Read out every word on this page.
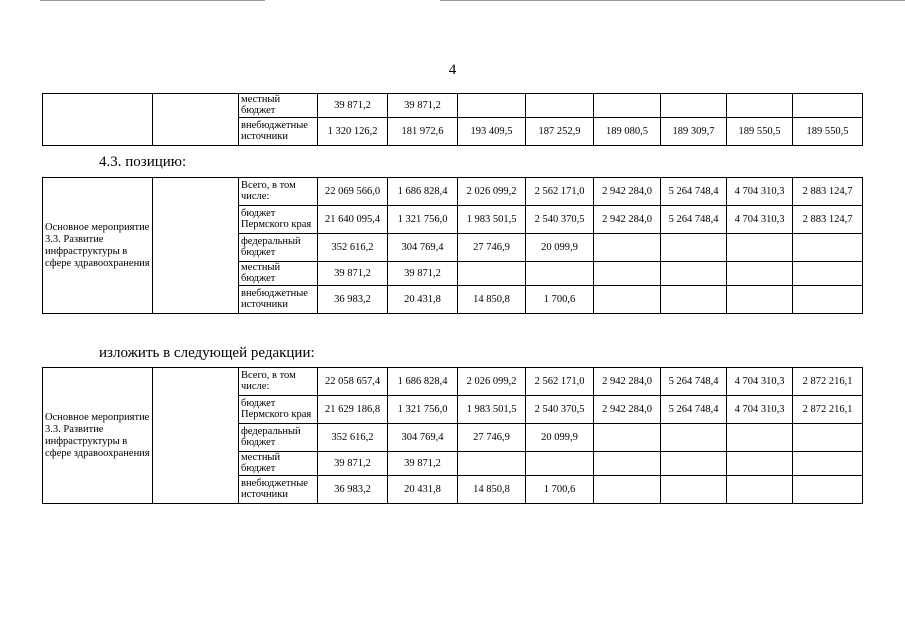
4
		местный бюджет	39 871,2	39 871,2						
		внебюджетные источники	1 320 126,2	181 972,6	193 409,5	187 252,9	189 080,5	189 309,7	189 550,5	189 550,5
4.3. позицию:
Основное мероприятие 3.3. Развитие инфраструктуры в сфере здравоохранения		Всего, в том числе:	22 069 566,0	1 686 828,4	2 026 099,2	2 562 171,0	2 942 284,0	5 264 748,4	4 704 310,3	2 883 124,7
		бюджет Пермского края	21 640 095,4	1 321 756,0	1 983 501,5	2 540 370,5	2 942 284,0	5 264 748,4	4 704 310,3	2 883 124,7
		федеральный бюджет	352 616,2	304 769,4	27 746,9	20 099,9				
		местный бюджет	39 871,2	39 871,2						
		внебюджетные источники	36 983,2	20 431,8	14 850,8	1 700,6				
изложить в следующей редакции:
Основное мероприятие 3.3. Развитие инфраструктуры в сфере здравоохранения		Всего, в том числе:	22 058 657,4	1 686 828,4	2 026 099,2	2 562 171,0	2 942 284,0	5 264 748,4	4 704 310,3	2 872 216,1
		бюджет Пермского края	21 629 186,8	1 321 756,0	1 983 501,5	2 540 370,5	2 942 284,0	5 264 748,4	4 704 310,3	2 872 216,1
		федеральный бюджет	352 616,2	304 769,4	27 746,9	20 099,9				
		местный бюджет	39 871,2	39 871,2						
		внебюджетные источники	36 983,2	20 431,8	14 850,8	1 700,6				
